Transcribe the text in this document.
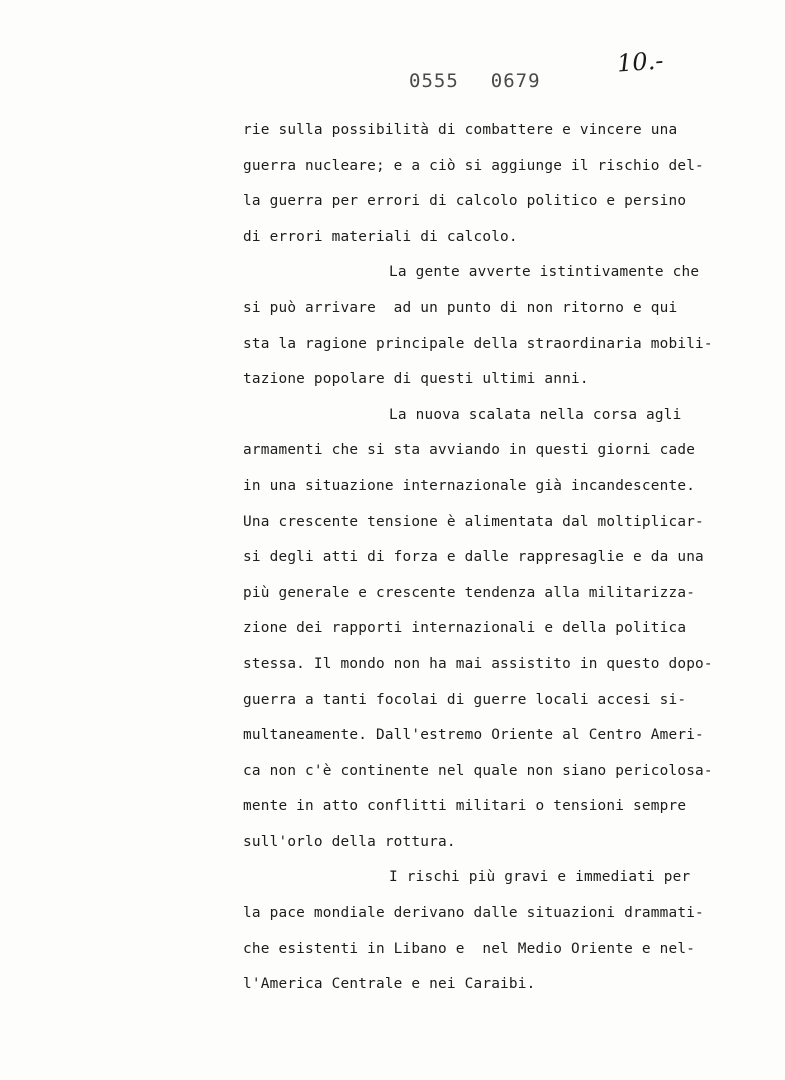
0555 0679
10.-
rie sulla possibilità di combattere e vincere una
guerra nucleare; e a ciò si aggiunge il rischio del-
la guerra per errori di calcolo politico e persino
di errori materiali di calcolo.
La gente avverte istintivamente che
si può arrivare  ad un punto di non ritorno e qui
sta la ragione principale della straordinaria mobili-
tazione popolare di questi ultimi anni.
La nuova scalata nella corsa agli
armamenti che si sta avviando in questi giorni cade
in una situazione internazionale già incandescente.
Una crescente tensione è alimentata dal moltiplicar-
si degli atti di forza e dalle rappresaglie e da una
più generale e crescente tendenza alla militarizza-
zione dei rapporti internazionali e della politica
stessa. Il mondo non ha mai assistito in questo dopo-
guerra a tanti focolai di guerre locali accesi si-
multaneamente. Dall'estremo Oriente al Centro Ameri-
ca non c'è continente nel quale non siano pericolosa-
mente in atto conflitti militari o tensioni sempre
sull'orlo della rottura.
I rischi più gravi e immediati per
la pace mondiale derivano dalle situazioni drammati-
che esistenti in Libano e  nel Medio Oriente e nel-
l'America Centrale e nei Caraibi.
